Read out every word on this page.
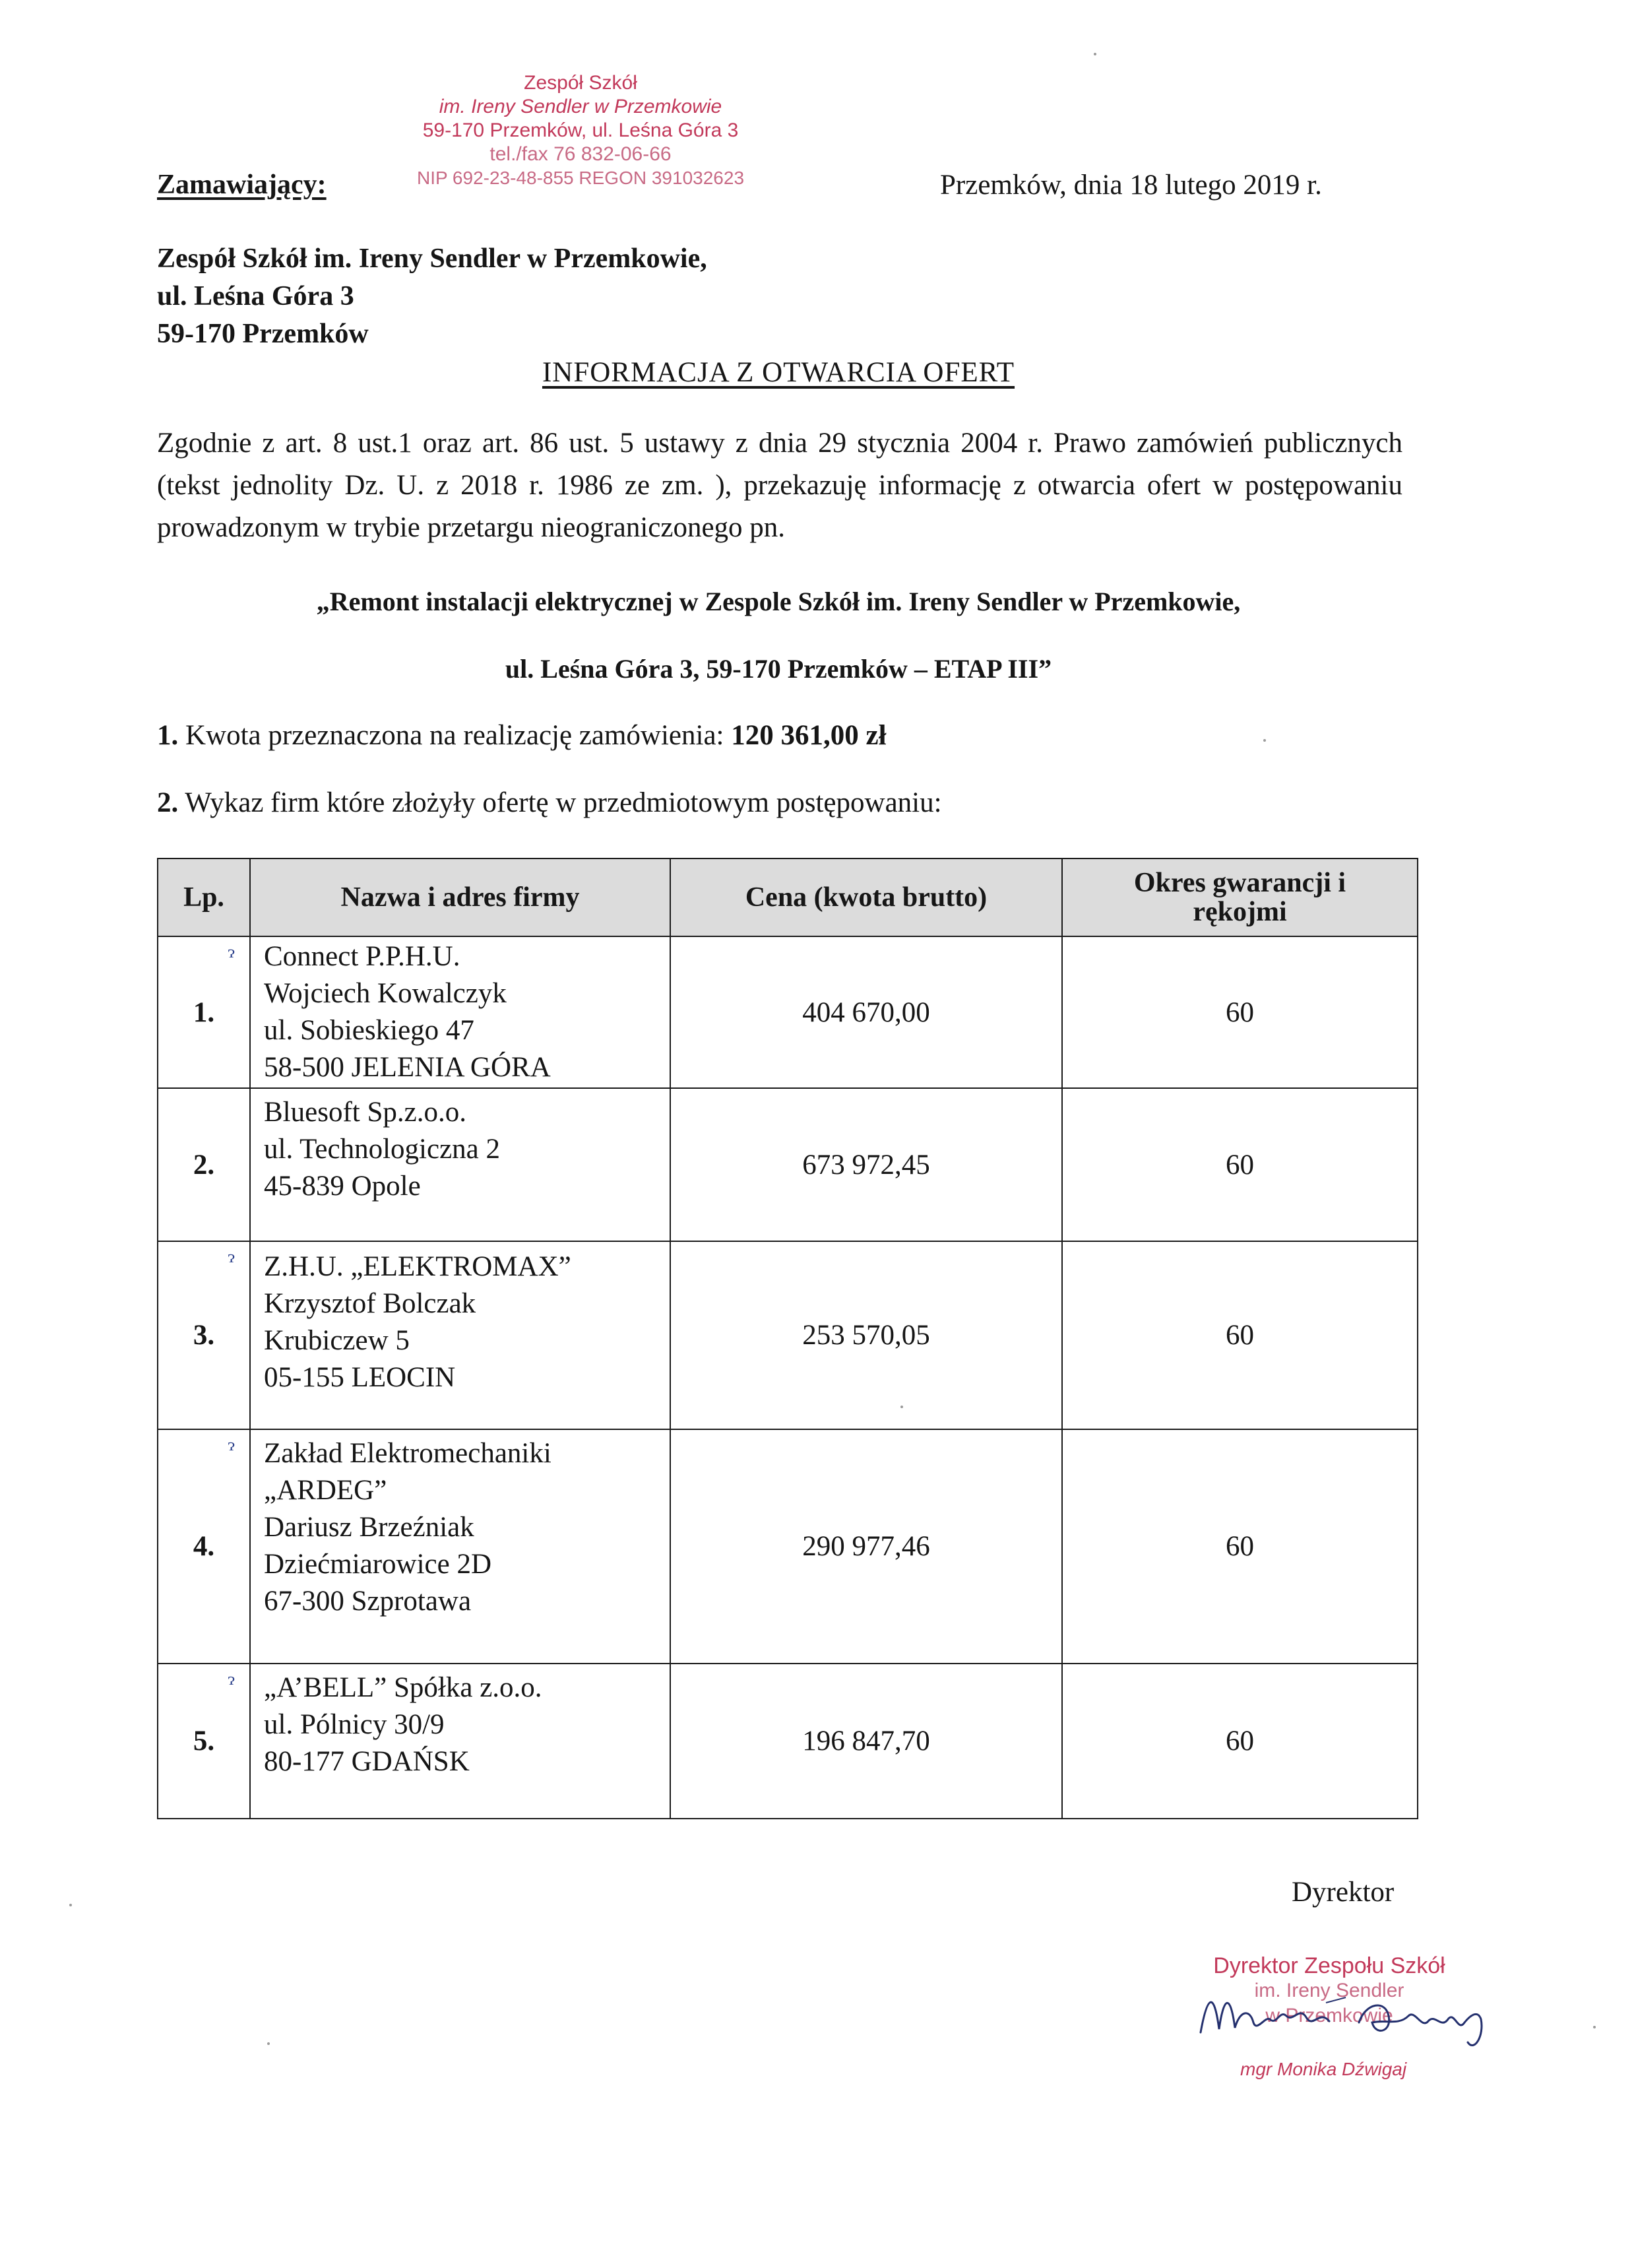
Zespół Szkół
im. Ireny Sendler w Przemkowie
59-170 Przemków, ul. Leśna Góra 3
tel./fax 76 832-06-66
NIP 692-23-48-855 REGON 391032623
Zamawiający:	Przemków, dnia 18 lutego 2019 r.
Zespół Szkół im. Ireny Sendler w Przemkowie,
ul. Leśna Góra 3
59-170 Przemków
INFORMACJA Z OTWARCIA OFERT
Zgodnie z art. 8 ust.1 oraz art. 86 ust. 5 ustawy z dnia 29 stycznia 2004 r. Prawo zamówień publicznych (tekst jednolity Dz. U. z 2018 r. 1986 ze zm. ), przekazuję informację z otwarcia ofert w postępowaniu prowadzonym w trybie przetargu nieograniczonego pn.
„Remont instalacji elektrycznej w Zespole Szkół im. Ireny Sendler w Przemkowie,
ul. Leśna Góra 3, 59-170 Przemków – ETAP III”
1. Kwota przeznaczona na realizację zamówienia: 120 361,00 zł
2. Wykaz firm które złożyły ofertę w przedmiotowym postępowaniu:
Lp.	Nazwa i adres firmy	Cena (kwota brutto)	Okres gwarancji i
rękojmi

ɂ
1.	Connect P.P.H.U.
Wojciech Kowalczyk
ul. Sobieskiego 47
58-500 JELENIA GÓRA	404 670,00	60
2.	Bluesoft Sp.z.o.o.
ul. Technologiczna 2
45-839 Opole	673 972,45	60

ɂ
3.	Z.H.U. „ELEKTROMAX”
Krzysztof Bolczak
Krubiczew 5
05-155 LEOCIN	253 570,05	60

ɂ
4.	Zakład Elektromechaniki
„ARDEG”
Dariusz Brzeźniak
Dziećmiarowice 2D
67-300 Szprotawa	290 977,46	60

ɂ
5.	„A’BELL” Spółka z.o.o.
ul. Pólnicy 30/9
80-177 GDAŃSK	196 847,70	60
Dyrektor
Dyrektor Zespołu Szkół
im. Ireny Sendler
w Przemkowie
mgr Monika Dźwigaj
